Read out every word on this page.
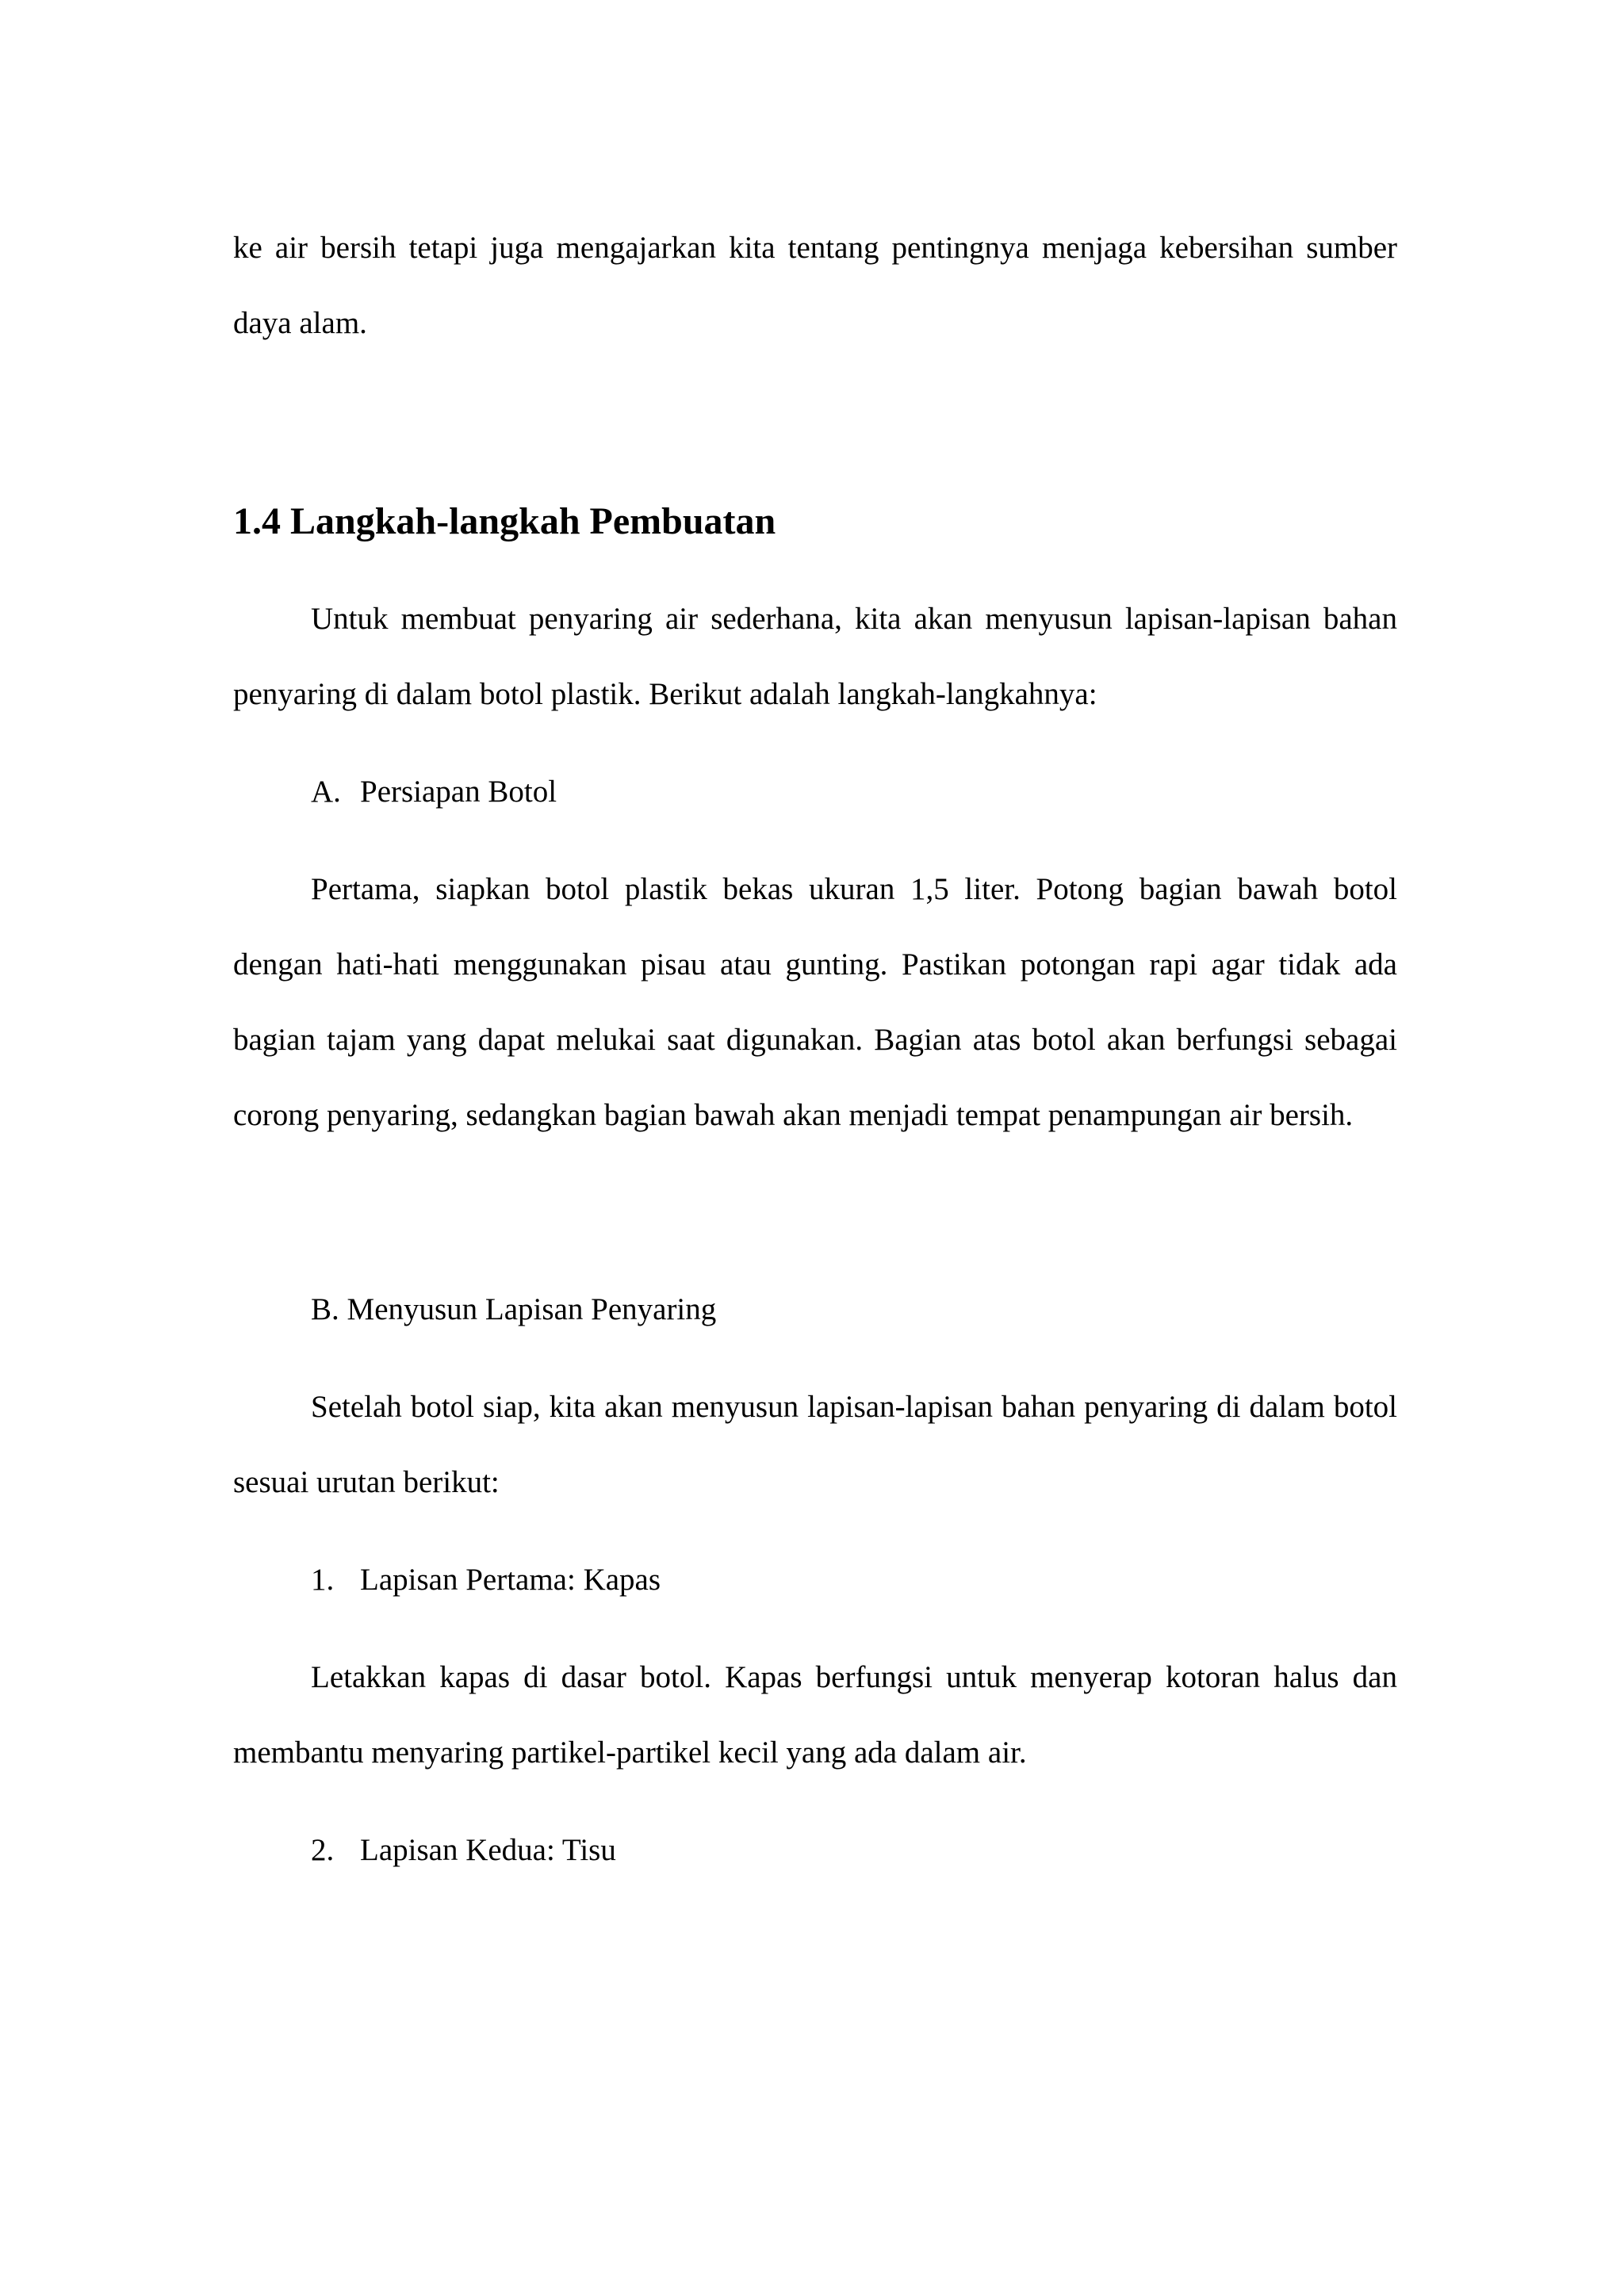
ke air bersih tetapi juga mengajarkan kita tentang pentingnya menjaga kebersihan sumber daya alam.

1.4 Langkah-langkah Pembuatan

Untuk membuat penyaring air sederhana, kita akan menyusun lapisan-lapisan bahan penyaring di dalam botol plastik. Berikut adalah langkah-langkahnya:

A. Persiapan Botol

Pertama, siapkan botol plastik bekas ukuran 1,5 liter. Potong bagian bawah botol dengan hati-hati menggunakan pisau atau gunting. Pastikan potongan rapi agar tidak ada bagian tajam yang dapat melukai saat digunakan. Bagian atas botol akan berfungsi sebagai corong penyaring, sedangkan bagian bawah akan menjadi tempat penampungan air bersih.

B. Menyusun Lapisan Penyaring

Setelah botol siap, kita akan menyusun lapisan-lapisan bahan penyaring di dalam botol sesuai urutan berikut:

1. Lapisan Pertama: Kapas

Letakkan kapas di dasar botol. Kapas berfungsi untuk menyerap kotoran halus dan membantu menyaring partikel-partikel kecil yang ada dalam air.

2. Lapisan Kedua: Tisu
